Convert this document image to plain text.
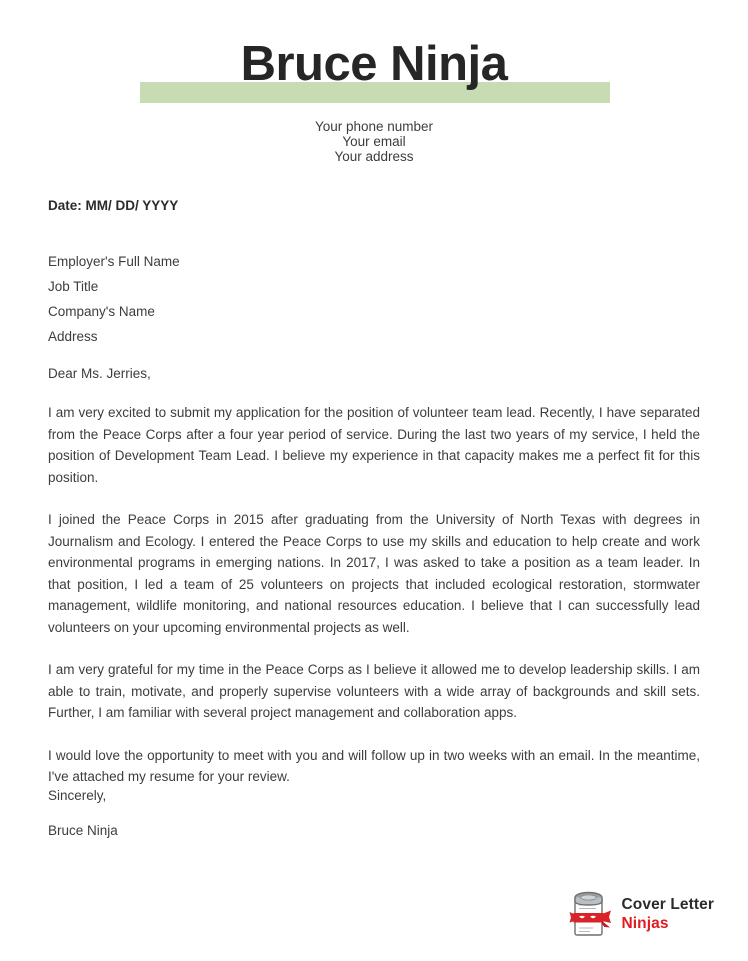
Bruce Ninja
Your phone number
Your email
Your address
Date: MM/ DD/ YYYY
Employer's Full Name
Job Title
Company's Name
Address
Dear Ms. Jerries,

I am very excited to submit my application for the position of volunteer team lead. Recently, I have separated from the Peace Corps after a four year period of service. During the last two years of my service, I held the position of Development Team Lead. I believe my experience in that capacity makes me a perfect fit for this position.

I joined the Peace Corps in 2015 after graduating from the University of North Texas with degrees in Journalism and Ecology. I entered the Peace Corps to use my skills and education to help create and work environmental programs in emerging nations. In 2017, I was asked to take a position as a team leader. In that position, I led a team of 25 volunteers on projects that included ecological restoration, stormwater management, wildlife monitoring, and national resources education. I believe that I can successfully lead volunteers on your upcoming environmental projects as well.

I am very grateful for my time in the Peace Corps as I believe it allowed me to develop leadership skills. I am able to train, motivate, and properly supervise volunteers with a wide array of backgrounds and skill sets. Further, I am familiar with several project management and collaboration apps.

I would love the opportunity to meet with you and will follow up in two weeks with an email. In the meantime, I've attached my resume for your review.

Sincerely,
Bruce Ninja
Cover Letter
Ninjas
